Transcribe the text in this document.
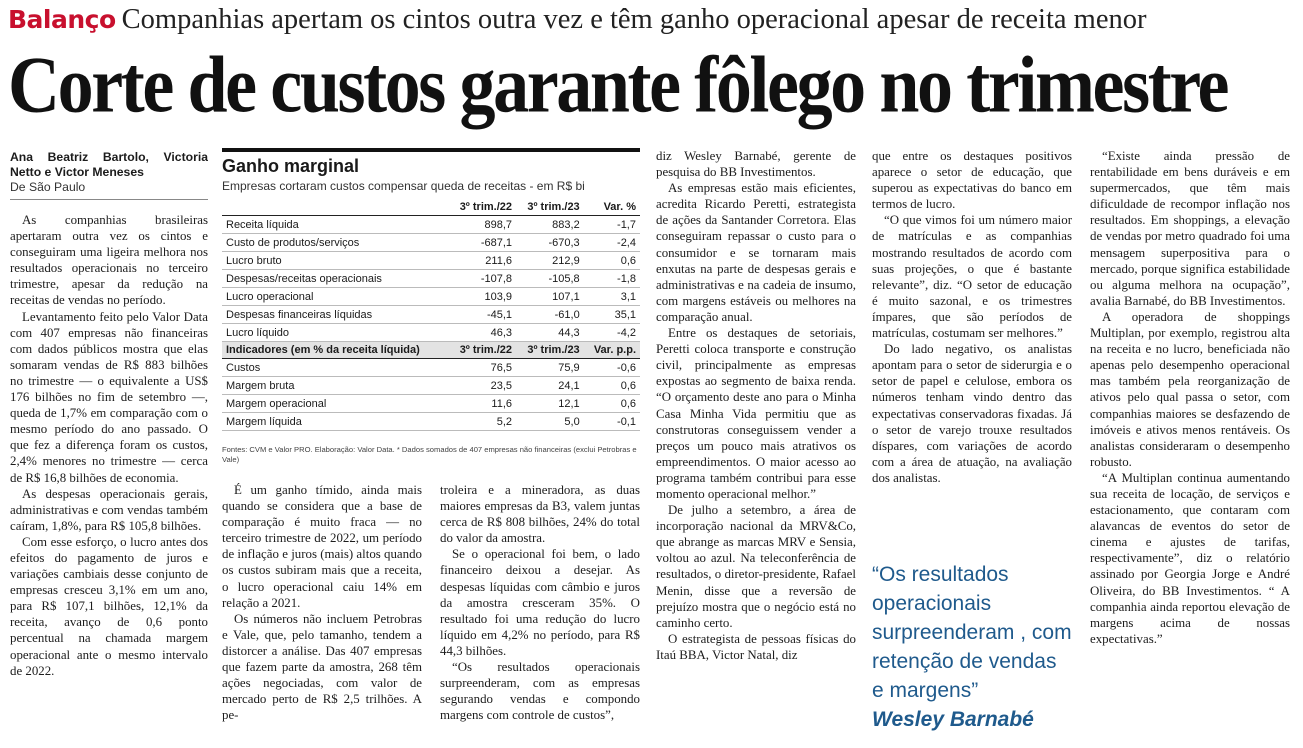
Balanço Companhias apertam os cintos outra vez e têm ganho operacional apesar de receita menor
Corte de custos garante fôlego no trimestre
Ana Beatriz Bartolo, Victoria Netto e Victor Meneses
De São Paulo

As companhias brasileiras apertaram outra vez os cintos e conseguiram uma ligeira melhora nos resultados operacionais no terceiro trimestre, apesar da redução na receitas de vendas no período.

Levantamento feito pelo Valor Data com 407 empresas não financeiras com dados públicos mostra que elas somaram vendas de R$ 883 bilhões no trimestre — o equivalente a US$ 176 bilhões no fim de setembro —, queda de 1,7% em comparação com o mesmo período do ano passado. O que fez a diferença foram os custos, 2,4% menores no trimestre — cerca de R$ 16,8 bilhões de economia.

As despesas operacionais gerais, administrativas e com vendas também caíram, 1,8%, para R$ 105,8 bilhões.

Com esse esforço, o lucro antes dos efeitos do pagamento de juros e variações cambiais desse conjunto de empresas cresceu 3,1% em um ano, para R$ 107,1 bilhões, 12,1% da receita, avanço de 0,6 ponto percentual na chamada margem operacional ante o mesmo intervalo de 2022.

Ganho marginal
Empresas cortaram custos compensar queda de receitas - em R$ bi
	3º trim./22	3º trim./23	Var. %
Receita líquida	898,7	883,2	-1,7
Custo de produtos/serviços	-687,1	-670,3	-2,4
Lucro bruto	211,6	212,9	0,6
Despesas/receitas operacionais	-107,8	-105,8	-1,8
Lucro operacional	103,9	107,1	3,1
Despesas financeiras líquidas	-45,1	-61,0	35,1
Lucro líquido	46,3	44,3	-4,2
Indicadores (em % da receita líquida)	3º trim./22	3º trim./23	Var. p.p.
Custos	76,5	75,9	-0,6
Margem bruta	23,5	24,1	0,6
Margem operacional	11,6	12,1	0,6
Margem líquida	5,2	5,0	-0,1
Fontes: CVM e Valor PRO. Elaboração: Valor Data. * Dados somados de 407 empresas não financeiras (exclui Petrobras e Vale)

É um ganho tímido, ainda mais quando se considera que a base de comparação é muito fraca — no terceiro trimestre de 2022, um período de inflação e juros (mais) altos quando os custos subiram mais que a receita, o lucro operacional caiu 14% em relação a 2021.

Os números não incluem Petrobras e Vale, que, pelo tamanho, tendem a distorcer a análise. Das 407 empresas que fazem parte da amostra, 268 têm ações negociadas, com valor de mercado perto de R$ 2,5 trilhões. A pe-

troleira e a mineradora, as duas maiores empresas da B3, valem juntas cerca de R$ 808 bilhões, 24% do total do valor da amostra.

Se o operacional foi bem, o lado financeiro deixou a desejar. As despesas líquidas com câmbio e juros da amostra cresceram 35%. O resultado foi uma redução do lucro líquido em 4,2% no período, para R$ 44,3 bilhões.

“Os resultados operacionais surpreenderam, com as empresas segurando vendas e compondo margens com controle de custos”,

diz Wesley Barnabé, gerente de pesquisa do BB Investimentos.

As empresas estão mais eficientes, acredita Ricardo Peretti, estrategista de ações da Santander Corretora. Elas conseguiram repassar o custo para o consumidor e se tornaram mais enxutas na parte de despesas gerais e administrativas e na cadeia de insumo, com margens estáveis ou melhores na comparação anual.

Entre os destaques de setoriais, Peretti coloca transporte e construção civil, principalmente as empresas expostas ao segmento de baixa renda. “O orçamento deste ano para o Minha Casa Minha Vida permitiu que as construtoras conseguissem vender a preços um pouco mais atrativos os empreendimentos. O maior acesso ao programa também contribui para esse momento operacional melhor.”

De julho a setembro, a área de incorporação nacional da MRV&Co, que abrange as marcas MRV e Sensia, voltou ao azul. Na teleconferência de resultados, o diretor-presidente, Rafael Menin, disse que a reversão de prejuízo mostra que o negócio está no caminho certo.

O estrategista de pessoas físicas do Itaú BBA, Victor Natal, diz

que entre os destaques positivos aparece o setor de educação, que superou as expectativas do banco em termos de lucro.

“O que vimos foi um número maior de matrículas e as companhias mostrando resultados de acordo com suas projeções, o que é bastante relevante”, diz. “O setor de educação é muito sazonal, e os trimestres ímpares, que são períodos de matrículas, costumam ser melhores.”

Do lado negativo, os analistas apontam para o setor de siderurgia e o setor de papel e celulose, embora os números tenham vindo dentro das expectativas conservadoras fixadas. Já o setor de varejo trouxe resultados díspares, com variações de acordo com a área de atuação, na avaliação dos analistas.

“Os resultados operacionais surpreenderam , com retenção de vendas e margens”
Wesley Barnabé

“Existe ainda pressão de rentabilidade em bens duráveis e em supermercados, que têm mais dificuldade de recompor inflação nos resultados. Em shoppings, a elevação de vendas por metro quadrado foi uma mensagem superpositiva para o mercado, porque significa estabilidade ou alguma melhora na ocupação”, avalia Barnabé, do BB Investimentos.

A operadora de shoppings Multiplan, por exemplo, registrou alta na receita e no lucro, beneficiada não apenas pelo desempenho operacional mas também pela reorganização de ativos pelo qual passa o setor, com companhias maiores se desfazendo de imóveis e ativos menos rentáveis. Os analistas consideraram o desempenho robusto.

“A Multiplan continua aumentando sua receita de locação, de serviços e estacionamento, que contaram com alavancas de eventos do setor de cinema e ajustes de tarifas, respectivamente”, diz o relatório assinado por Georgia Jorge e André Oliveira, do BB Investimentos. “ A companhia ainda reportou elevação de margens acima de nossas expectativas.”
